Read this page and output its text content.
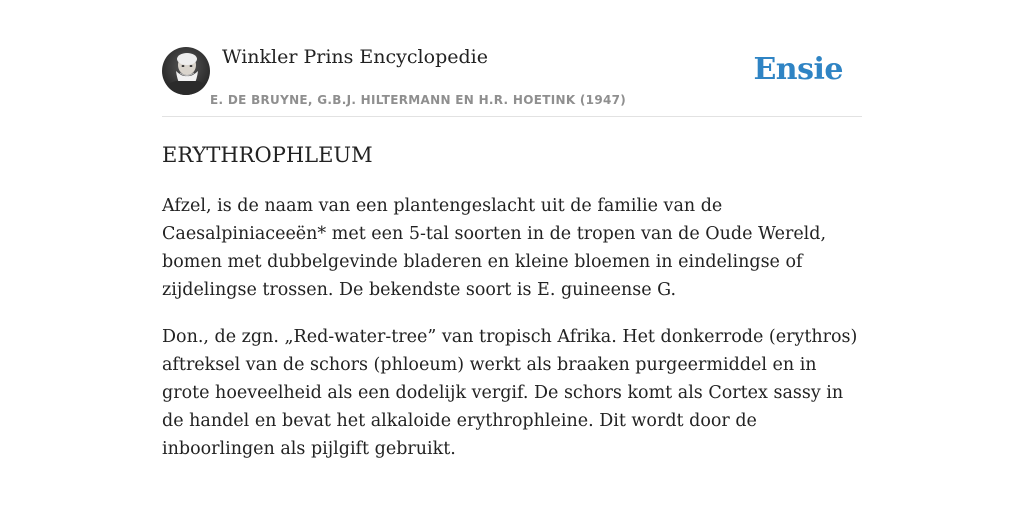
Winkler Prins Encyclopedie
E. DE BRUYNE, G.B.J. HILTERMANN EN H.R. HOETINK (1947)
Ensie
ERYTHROPHLEUM

Afzel, is de naam van een plantengeslacht uit de familie van de Caesalpiniaceeën* met een 5-tal soorten in de tropen van de Oude Wereld, bomen met dubbelgevinde bladeren en kleine bloemen in eindelingse of zijdelingse trossen. De bekendste soort is E. guineense G.

Don., de zgn. „Red-water-tree” van tropisch Afrika. Het donkerrode (erythros) aftreksel van de schors (phloeum) werkt als braaken purgeermiddel en in grote hoeveelheid als een dodelijk vergif. De schors komt als Cortex sassy in de handel en bevat het alkaloide erythrophleine. Dit wordt door de inboorlingen als pijlgift gebruikt.
